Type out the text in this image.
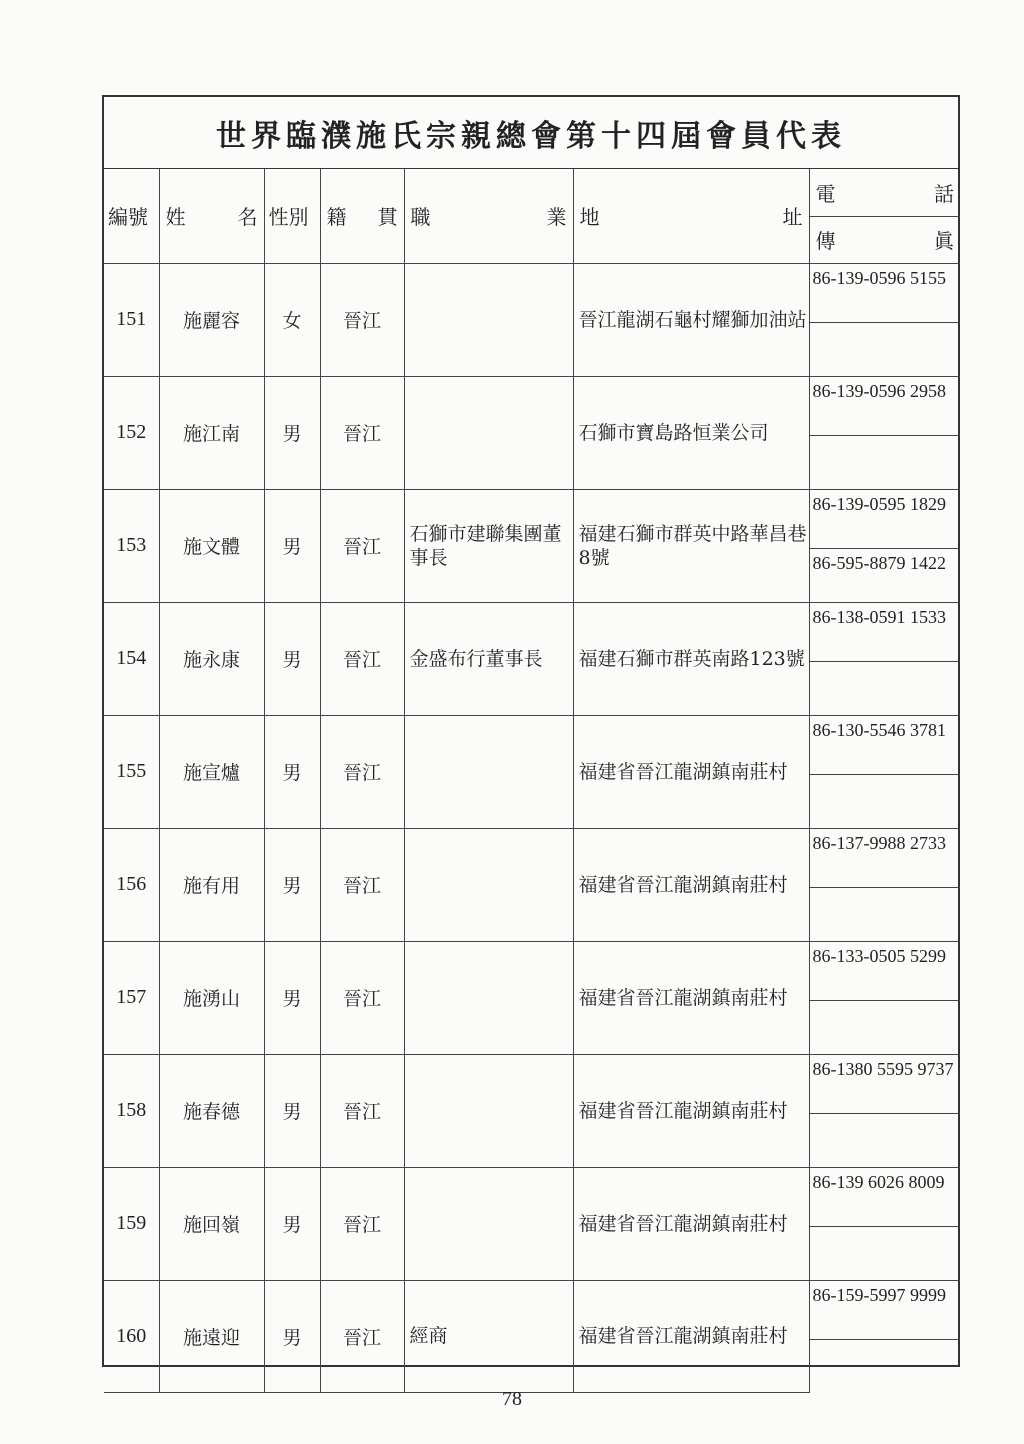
世界臨濮施氏宗親總會第十四屆會員代表
編號	姓 名	性別	籍 貫	職 業	地 址	電 話

						傳 眞

151	施麗容	女	晉江		晉江龍湖石龜村耀獅加油站	86-139-0596 5155

152	施江南	男	晉江		石獅市寶島路恒業公司	86-139-0596 2958

153	施文體	男	晉江	石獅市建聯集團董事長	福建石獅市群英中路華昌巷8號	86-139-0595 1829
						86-595-8879 1422
154	施永康	男	晉江	金盛布行董事長	福建石獅市群英南路123號	86-138-0591 1533

155	施宣爐	男	晉江		福建省晉江龍湖鎮南莊村	86-130-5546 3781

156	施有用	男	晉江		福建省晉江龍湖鎮南莊村	86-137-9988 2733

157	施湧山	男	晉江		福建省晉江龍湖鎮南莊村	86-133-0505 5299

158	施春德	男	晉江		福建省晉江龍湖鎮南莊村	86-1380 5595 9737

159	施回嶺	男	晉江		福建省晉江龍湖鎮南莊村	86-139 6026 8009

160	施遠迎	男	晉江	經商	福建省晉江龍湖鎮南莊村	86-159-5997 9999

78
